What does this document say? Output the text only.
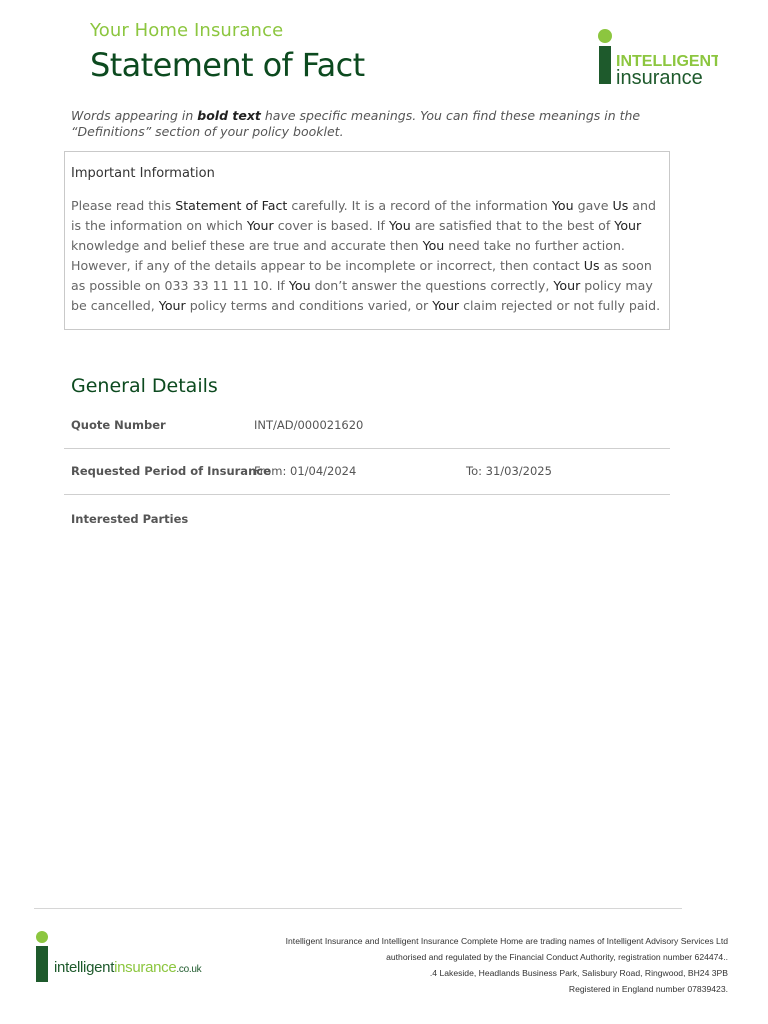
Your Home Insurance
Statement of Fact	INTELLIGENT
insurance
Words appearing in bold text have specific meanings. You can find these meanings in the “Definitions” section of your policy booklet.
Important Information
Please read this Statement of Fact carefully. It is a record of the information You gave Us and is the information on which Your cover is based. If You are satisfied that to the best of Your knowledge and belief these are true and accurate then You need take no further action. However, if any of the details appear to be incomplete or incorrect, then contact Us as soon as possible on 033 33 11 11 10. If You don’t answer the questions correctly, Your policy may be cancelled, Your policy terms and conditions varied, or Your claim rejected or not fully paid.
General Details
Quote Number	INT/AD/000021620
Requested Period of Insurance
From: 01/04/2024	To: 31/03/2025
Interested Parties
intelligentinsurance.co.uk
Intelligent Insurance and Intelligent Insurance Complete Home are trading names of Intelligent Advisory Services Ltd
authorised and regulated by the Financial Conduct Authority, registration number 624474..
.4 Lakeside, Headlands Business Park, Salisbury Road, Ringwood, BH24 3PB
Registered in England number 07839423.
